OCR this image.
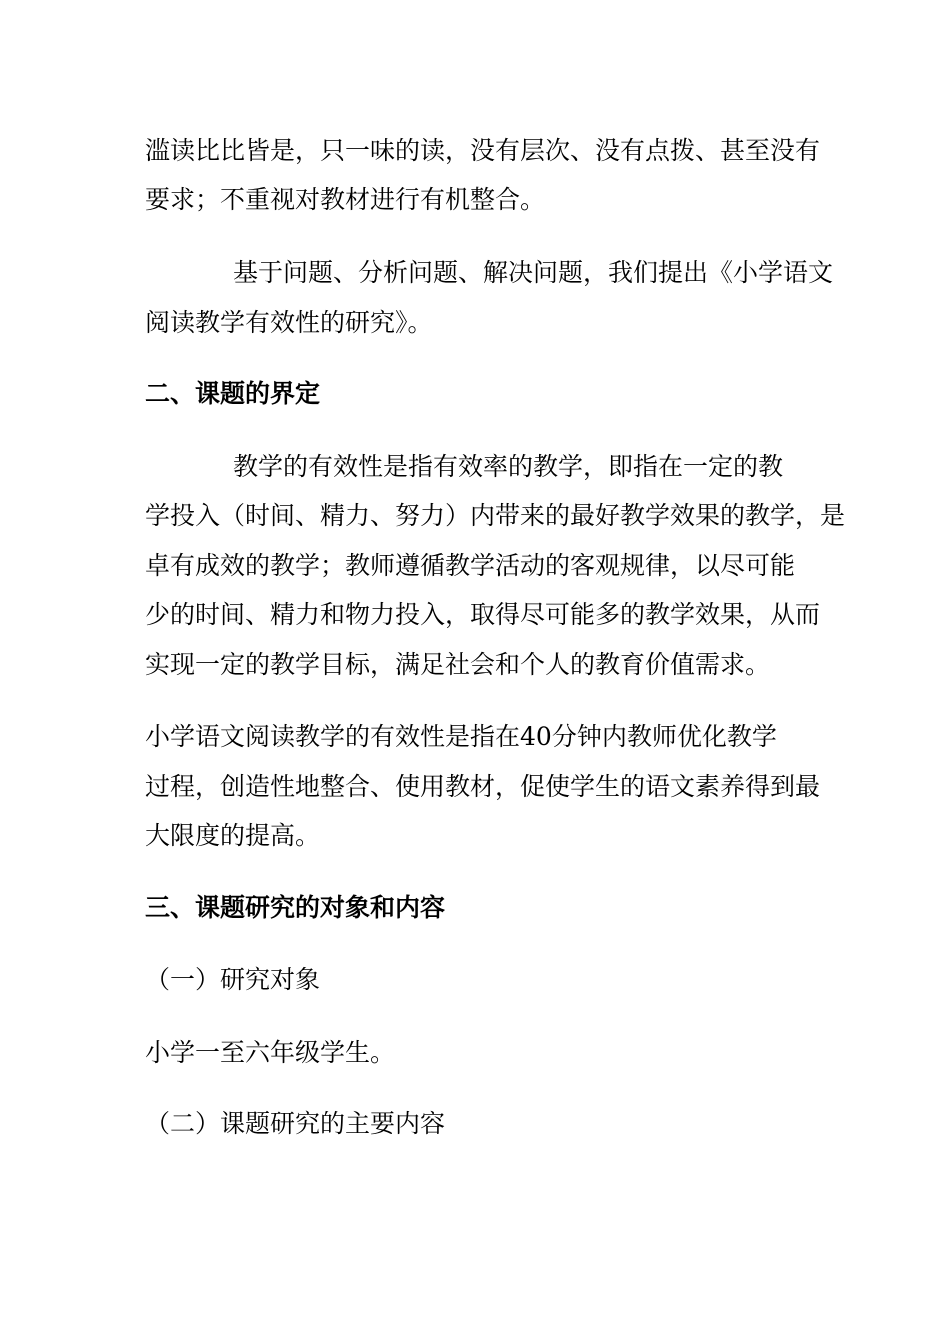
滥读比比皆是，只一味的读，没有层次、没有点拨、甚至没有

要求；不重视对教材进行有机整合。

基于问题、分析问题、解决问题，我们提出《小学语文

阅读教学有效性的研究》。

二、课题的界定

教学的有效性是指有效率的教学，即指在一定的教

学投入（时间、精力、努力）内带来的最好教学效果的教学，是

卓有成效的教学；教师遵循教学活动的客观规律，以尽可能

少的时间、精力和物力投入，取得尽可能多的教学效果，从而

实现一定的教学目标，满足社会和个人的教育价值需求。

小学语文阅读教学的有效性是指在40分钟内教师优化教学

过程，创造性地整合、使用教材，促使学生的语文素养得到最

大限度的提高。

三、课题研究的对象和内容

（一）研究对象

小学一至六年级学生。

（二）课题研究的主要内容
